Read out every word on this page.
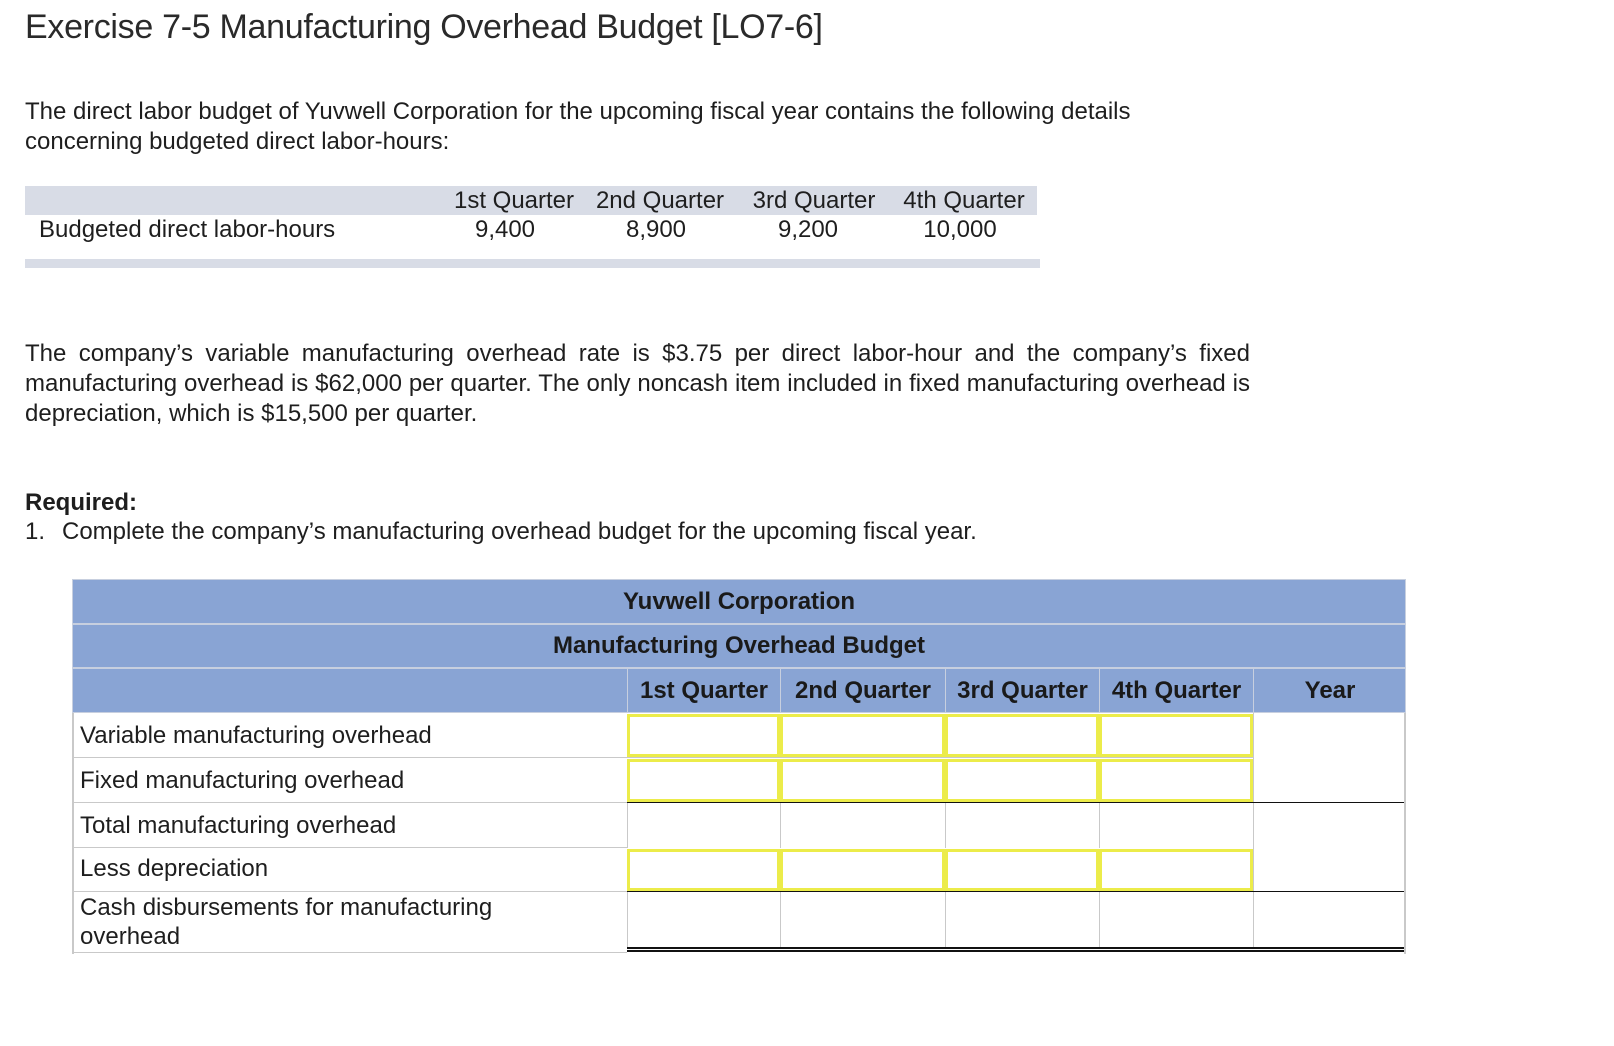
Exercise 7-5 Manufacturing Overhead Budget [LO7-6]

The direct labor budget of Yuvwell Corporation for the upcoming fiscal year contains the following details concerning budgeted direct labor-hours:

1st Quarter 2nd Quarter	3rd Quarter	4th Quarter
Budgeted direct labor-hours	9,400	8,900	9,200	10,000

The company’s variable manufacturing overhead rate is $3.75 per direct labor-hour and the company’s fixed manufacturing overhead is $62,000 per quarter. The only noncash item included in fixed manufacturing overhead is depreciation, which is $15,500 per quarter.

Required:

1. Complete the company’s manufacturing overhead budget for the upcoming fiscal year.

Yuvwell Corporation
Manufacturing Overhead Budget
1st Quarter	2nd Quarter	3rd Quarter 4th Quarter	Year
Variable manufacturing overhead
Fixed manufacturing overhead
Total manufacturing overhead
Less depreciation
Cash disbursements for manufacturing overhead
